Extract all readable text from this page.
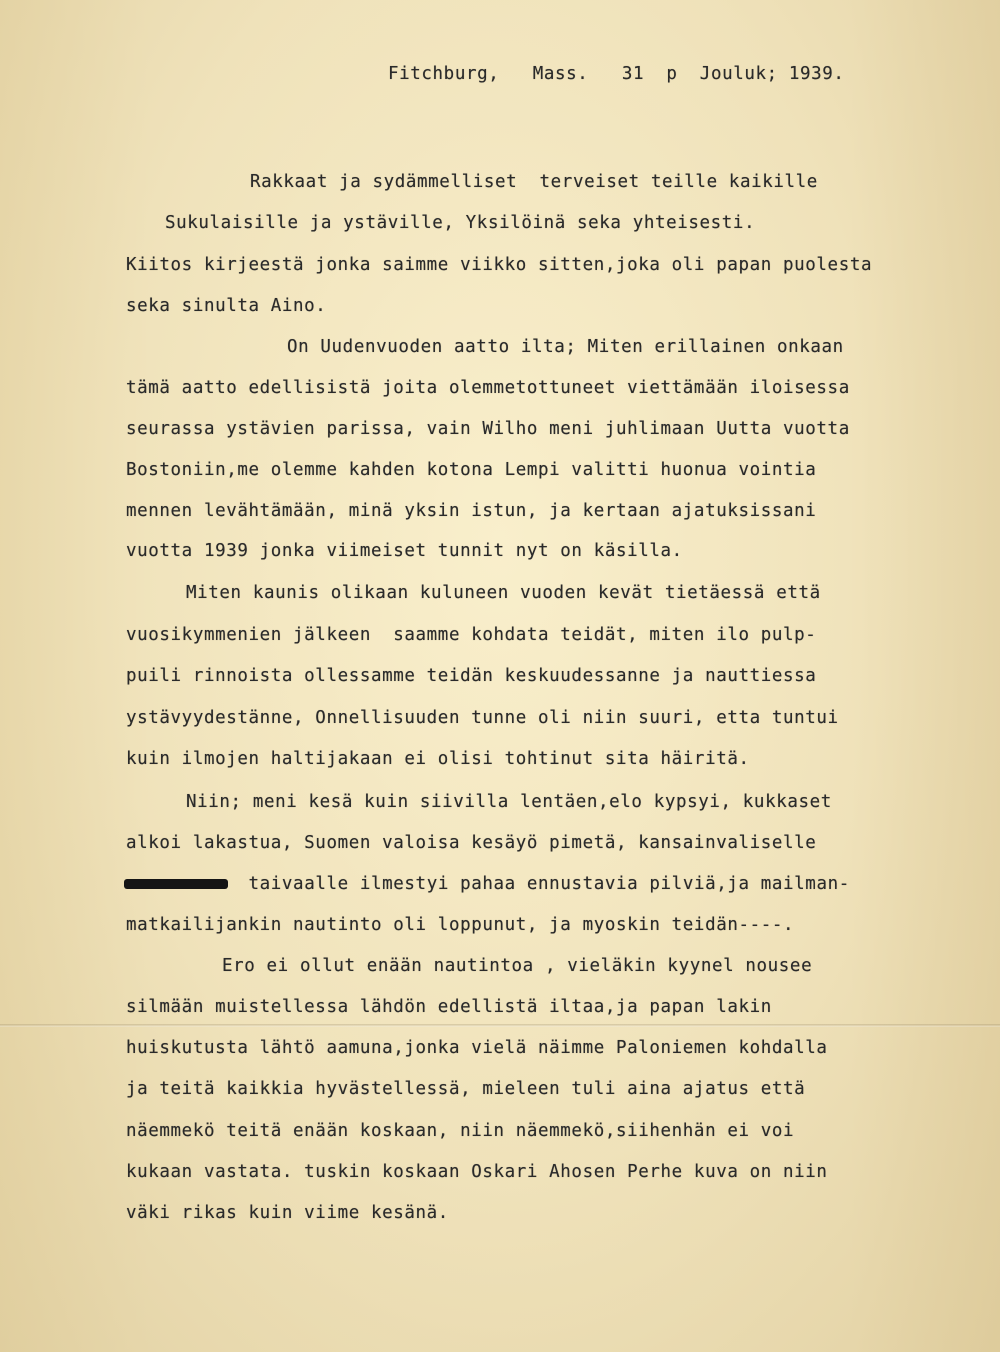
Fitchburg,   Mass.   31  p  Jouluk; 1939.
Rakkaat ja sydämmelliset  terveiset teille kaikille
Sukulaisille ja ystäville, Yksilöinä seka yhteisesti.
Kiitos kirjeestä jonka saimme viikko sitten,joka oli papan puolesta
seka sinulta Aino.
On Uudenvuoden aatto ilta; Miten erillainen onkaan
tämä aatto edellisistä joita olemmetottuneet viettämään iloisessa
seurassa ystävien parissa, vain Wilho meni juhlimaan Uutta vuotta
Bostoniin,me olemme kahden kotona Lempi valitti huonua vointia
mennen levähtämään, minä yksin istun, ja kertaan ajatuksissani
vuotta 1939 jonka viimeiset tunnit nyt on käsilla.
Miten kaunis olikaan kuluneen vuoden kevät tietäessä että
vuosikymmenien jälkeen  saamme kohdata teidät, miten ilo pulp-
puili rinnoista ollessamme teidän keskuudessanne ja nauttiessa
ystävyydestänne, Onnellisuuden tunne oli niin suuri, etta tuntui
kuin ilmojen haltijakaan ei olisi tohtinut sita häiritä.
Niin; meni kesä kuin siivilla lentäen,elo kypsyi, kukkaset
alkoi lakastua, Suomen valoisa kesäyö pimetä, kansainvaliselle
taivaalle ilmestyi pahaa ennustavia pilviä,ja mailman-
matkailijankin nautinto oli loppunut, ja myoskin teidän----.
Ero ei ollut enään nautintoa , vieläkin kyynel nousee
silmään muistellessa lähdön edellistä iltaa,ja papan lakin
huiskutusta lähtö aamuna,jonka vielä näimme Paloniemen kohdalla
ja teitä kaikkia hyvästellessä, mieleen tuli aina ajatus että
näemmekö teitä enään koskaan, niin näemmekö,siihenhän ei voi
kukaan vastata. tuskin koskaan Oskari Ahosen Perhe kuva on niin
väki rikas kuin viime kesänä.
